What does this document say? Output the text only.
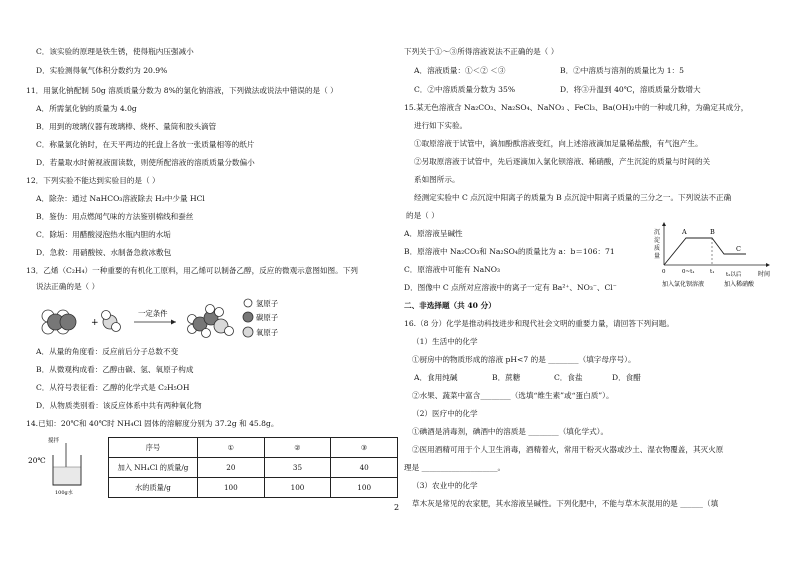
C．该实验的原理是铁生锈，使得瓶内压强减小
D．实验测得氧气体积分数约为 20.9%
11．用氯化钠配制 50g 溶质质量分数为 8%的氯化钠溶液，下列做法或说法中错误的是（ ）
A．所需氯化钠的质量为 4.0g
B．用到的玻璃仪器有玻璃棒、烧杯、量筒和胶头滴管
C．称量氯化钠时，在天平两边的托盘上各放一张质量相等的纸片
D．若量取水时俯视液面读数，则使所配溶液的溶质质量分数偏小
12．下列实验不能达到实验目的是（ ）
A．除杂：通过 NaHCO₃溶液除去 H₂中少量 HCl
B．鉴伪：用点燃闻气味的方法鉴别棉线和蚕丝
C．除垢：用醋酸浸泡热水瓶内胆的水垢
D．急救：用硝酸铵、水制备急救冰敷包
13．乙烯（C₂H₄）一种重要的有机化工原料，用乙烯可以制备乙醇，反应的微观示意图如图。下列
说法正确的是（ ）
+
一定条件
氢原子
碳原子
氧原子
A．从量的角度看：反应前后分子总数不变
B．从微观构成看：乙醇由碳、氢、氧原子构成
C．从符号表征看：乙醇的化学式是 C₂H₅OH
D．从物质类别看：该反应体系中共有两种氧化物
14.已知：20℃和 40℃时 NH₄Cl 固体的溶解度分别为 37.2g 和 45.8g。
搅拌
20℃
100g水
序号	①	②	③
加入 NH₄Cl 的质量/g	20	35	40
水的质量/g	100	100	100
下列关于①～③所得溶液说法不正确的是（ ）
A．溶液质量：①＜② ＜③	B．②中溶质与溶剂的质量比为 1：5
C．②中溶质质量分数为 35%	D．将③升温到 40℃，溶质质量分数增大
15.某无色溶液含 Na₂CO₃、Na₂SO₄、NaNO₃ 、FeCl₃、Ba(OH)₂中的一种或几种，为确定其成分，
进行如下实验。
①取原溶液于试管中，滴加酚酞溶液变红，向上述溶液滴加足量稀盐酸，有气泡产生。
②另取原溶液于试管中，先后逐滴加入氯化钡溶液、稀硝酸，产生沉淀的质量与时间的关
系如图所示。
经测定实验中 C 点沉淀中阳离子的质量为 B 点沉淀中阳离子质量的三分之一。下列说法不正确
的是（ ）
A．原溶液呈碱性
B．原溶液中 Na₂CO₃和 Na₂SO₄的质量比为 a：b＝106：71
C．原溶液中可能有 NaNO₃
D．图像中 C 点所对应溶液中的离子一定有 Ba²⁺、NO₃⁻、Cl⁻
沉
淀
质
量
A	B
C
0	0~t₁	t₁ t₂以后	时间
加入氯化钡溶液	加入稀硝酸
二、非选择题（共 40 分）
16.（8 分）化学是推动科技进步和现代社会文明的重要力量，请回答下列问题。
（1）生活中的化学
①厨房中的物质形成的溶液 pH<7 的是 ________（填字母序号）。
A．食用纯碱	B．蔗糖	C．食盐	D．食醋
②水果、蔬菜中富含________（选填“维生素”或“蛋白质”）。
（2）医疗中的化学
①碘酒是消毒剂，碘酒中的溶质是 ________（填化学式）。
②医用酒精可用于个人卫生消毒，酒精着火，常用干粉灭火器或沙土、湿衣物覆盖，其灭火原
理是 ____________________。
（3）农业中的化学
草木灰是常见的农家肥，其水溶液呈碱性。下列化肥中，不能与草木灰混用的是 ______（填
2
